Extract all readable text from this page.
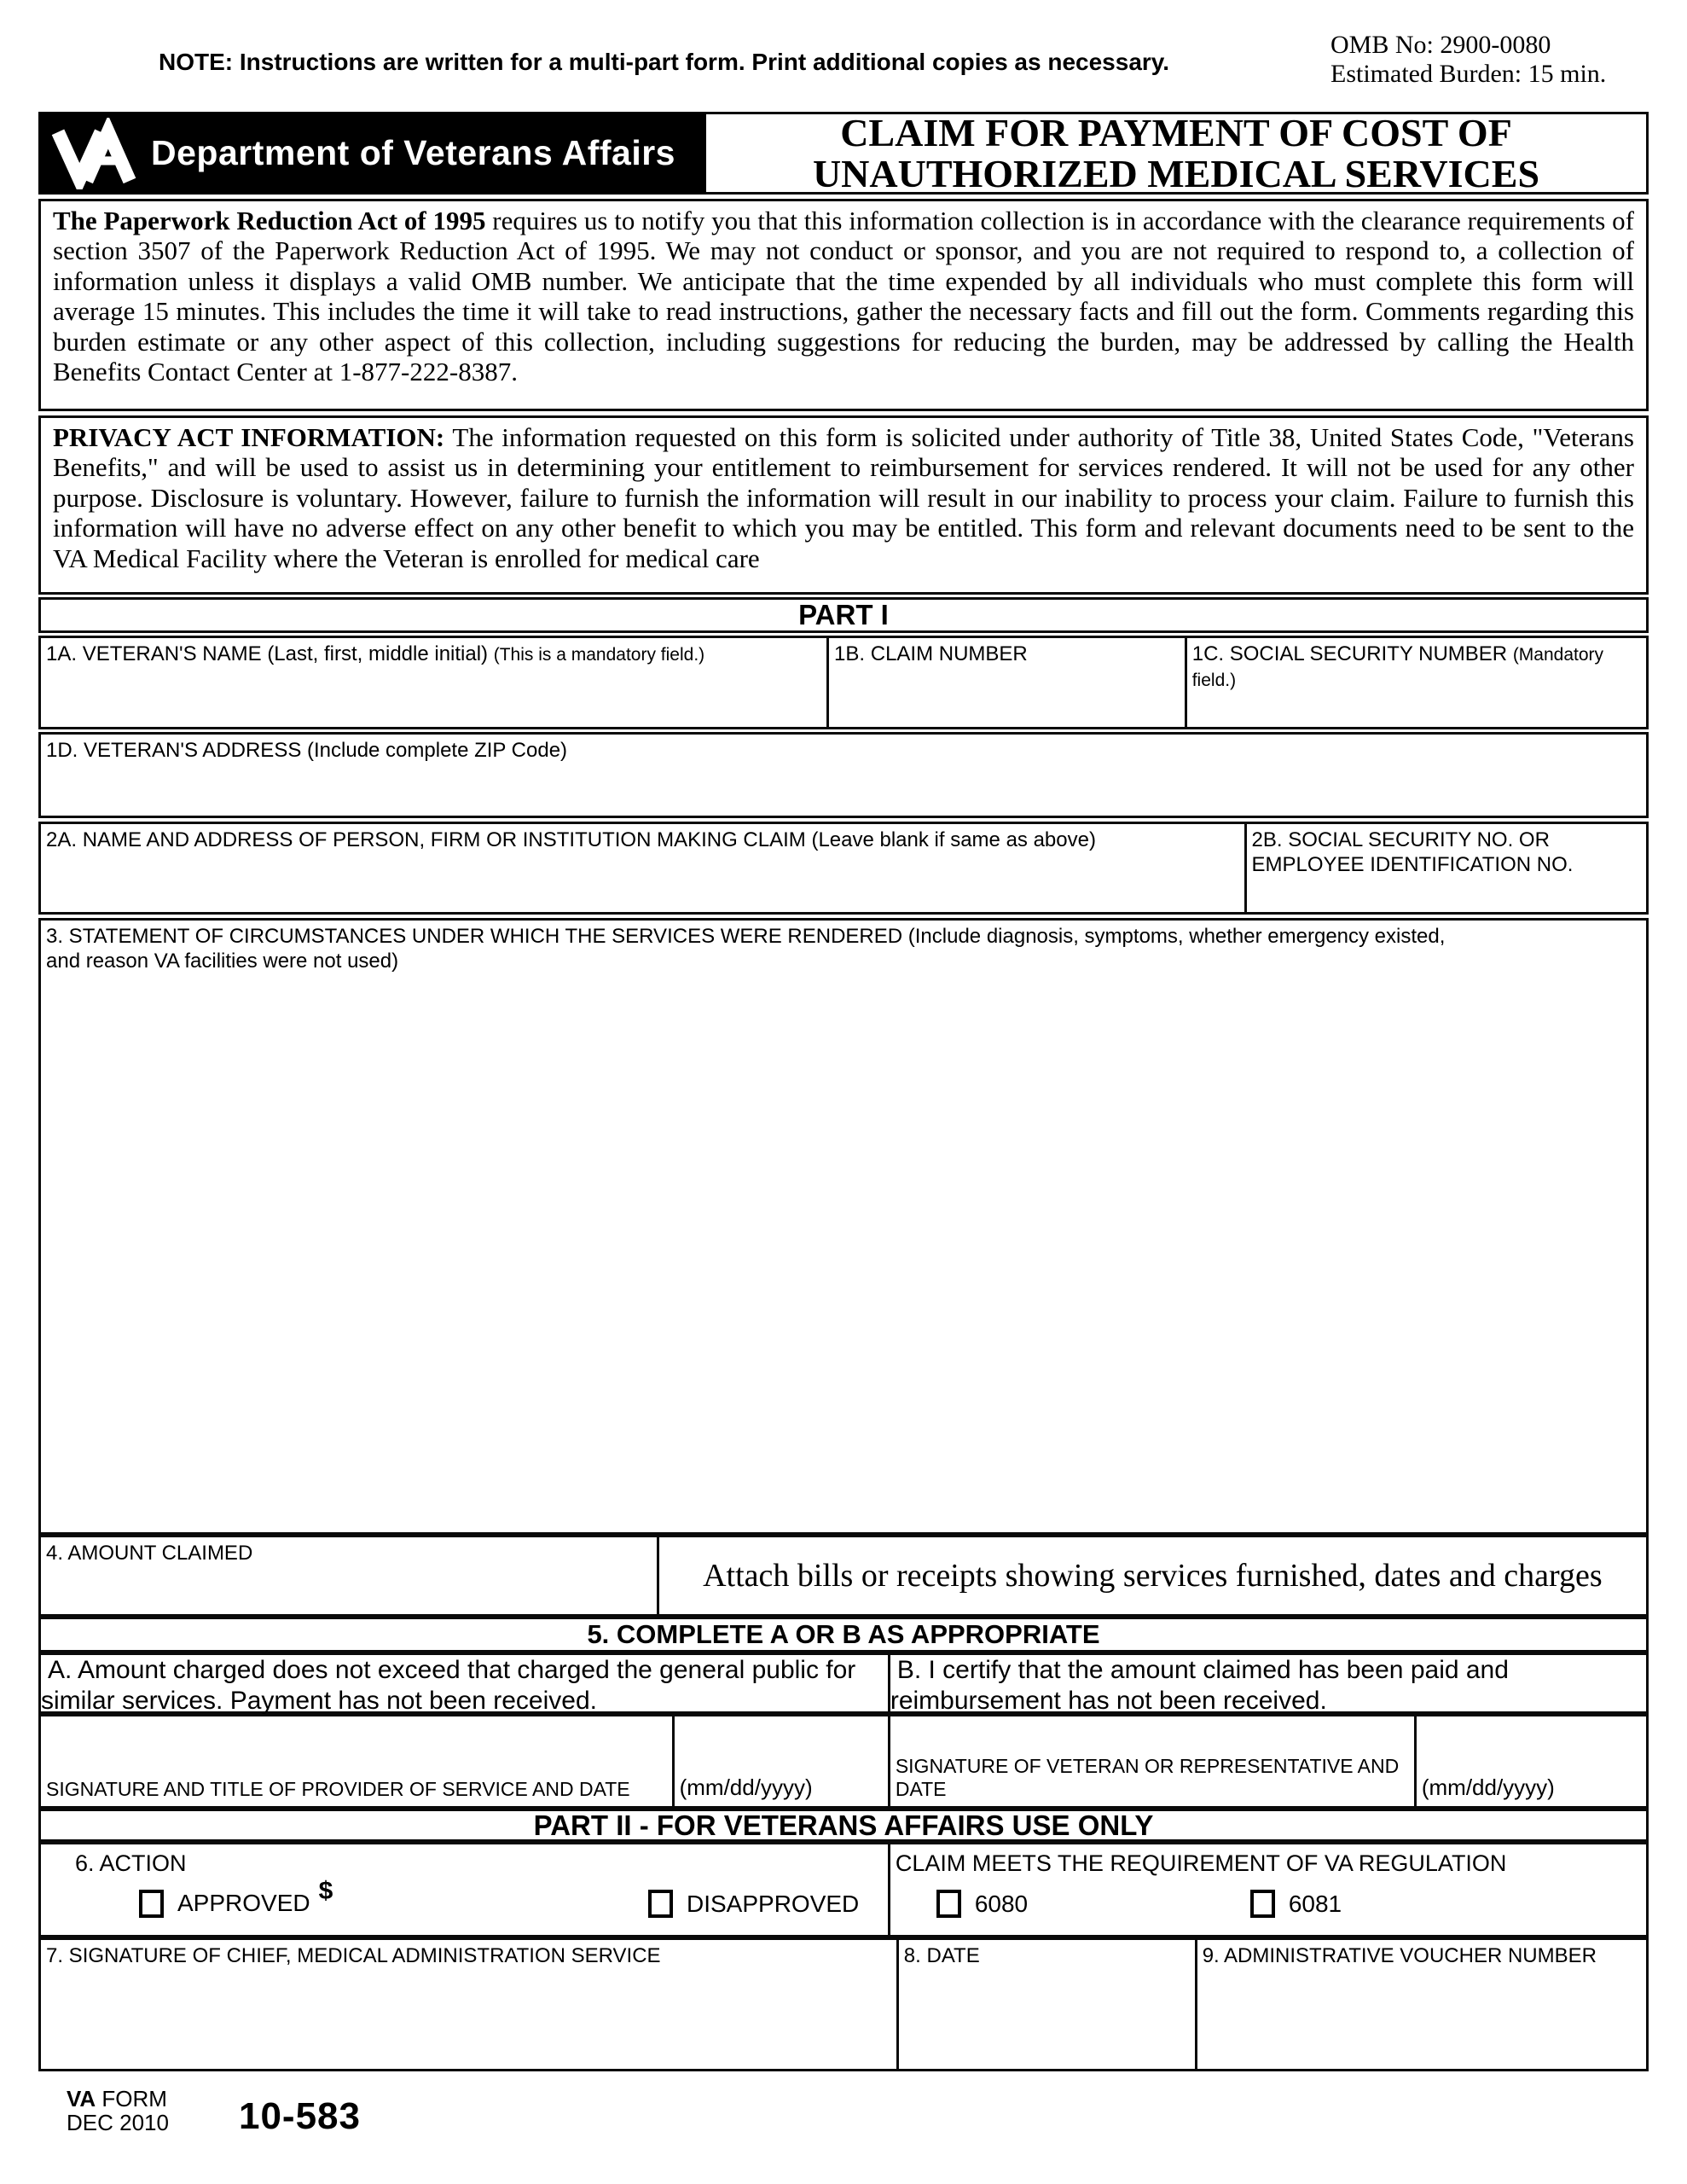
NOTE: Instructions are written for a multi-part form. Print additional copies as necessary.
OMB No: 2900-0080
Estimated Burden: 15 min.
Department of Veterans Affairs	CLAIM FOR PAYMENT OF COST OF
UNAUTHORIZED MEDICAL SERVICES
The Paperwork Reduction Act of 1995 requires us to notify you that this information collection is in accordance with the clearance requirements of section 3507 of the Paperwork Reduction Act of 1995. We may not conduct or sponsor, and you are not required to respond to, a collection of information unless it displays a valid OMB number. We anticipate that the time expended by all individuals who must complete this form will average 15 minutes. This includes the time it will take to read instructions, gather the necessary facts and fill out the form. Comments regarding this burden estimate or any other aspect of this collection, including suggestions for reducing the burden, may be addressed by calling the Health Benefits Contact Center at 1-877-222-8387.
PRIVACY ACT INFORMATION: The information requested on this form is solicited under authority of Title 38, United States Code, "Veterans Benefits," and will be used to assist us in determining your entitlement to reimbursement for services rendered. It will not be used for any other purpose. Disclosure is voluntary. However, failure to furnish the information will result in our inability to process your claim. Failure to furnish this information will have no adverse effect on any other benefit to which you may be entitled. This form and relevant documents need to be sent to the VA Medical Facility where the Veteran is enrolled for medical care
PART I
1A. VETERAN'S NAME (Last, first, middle initial) (This is a mandatory field.)	1B. CLAIM NUMBER	1C. SOCIAL SECURITY NUMBER (Mandatory field.)
1D. VETERAN'S ADDRESS (Include complete ZIP Code)
2A. NAME AND ADDRESS OF PERSON, FIRM OR INSTITUTION MAKING CLAIM (Leave blank if same as above)	2B. SOCIAL SECURITY NO. OR EMPLOYEE IDENTIFICATION NO.
3. STATEMENT OF CIRCUMSTANCES UNDER WHICH THE SERVICES WERE RENDERED (Include diagnosis, symptoms, whether emergency existed,
and reason VA facilities were not used)
4. AMOUNT CLAIMED
Attach bills or receipts showing services furnished, dates and charges
5. COMPLETE A OR B AS APPROPRIATE
A. Amount charged does not exceed that charged the general public for similar services. Payment has not been received.
B. I certify that the amount claimed has been paid and reimbursement has not been received.
SIGNATURE AND TITLE OF PROVIDER OF SERVICE AND DATE	(mm/dd/yyyy)
SIGNATURE OF VETERAN OR REPRESENTATIVE AND DATE	(mm/dd/yyyy)
PART II - FOR VETERANS AFFAIRS USE ONLY
6. ACTION
APPROVED $	DISAPPROVED
CLAIM MEETS THE REQUIREMENT OF VA REGULATION
6080	6081
7. SIGNATURE OF CHIEF, MEDICAL ADMINISTRATION SERVICE	8. DATE	9. ADMINISTRATIVE VOUCHER NUMBER
VA FORM
DEC 2010 10-583
